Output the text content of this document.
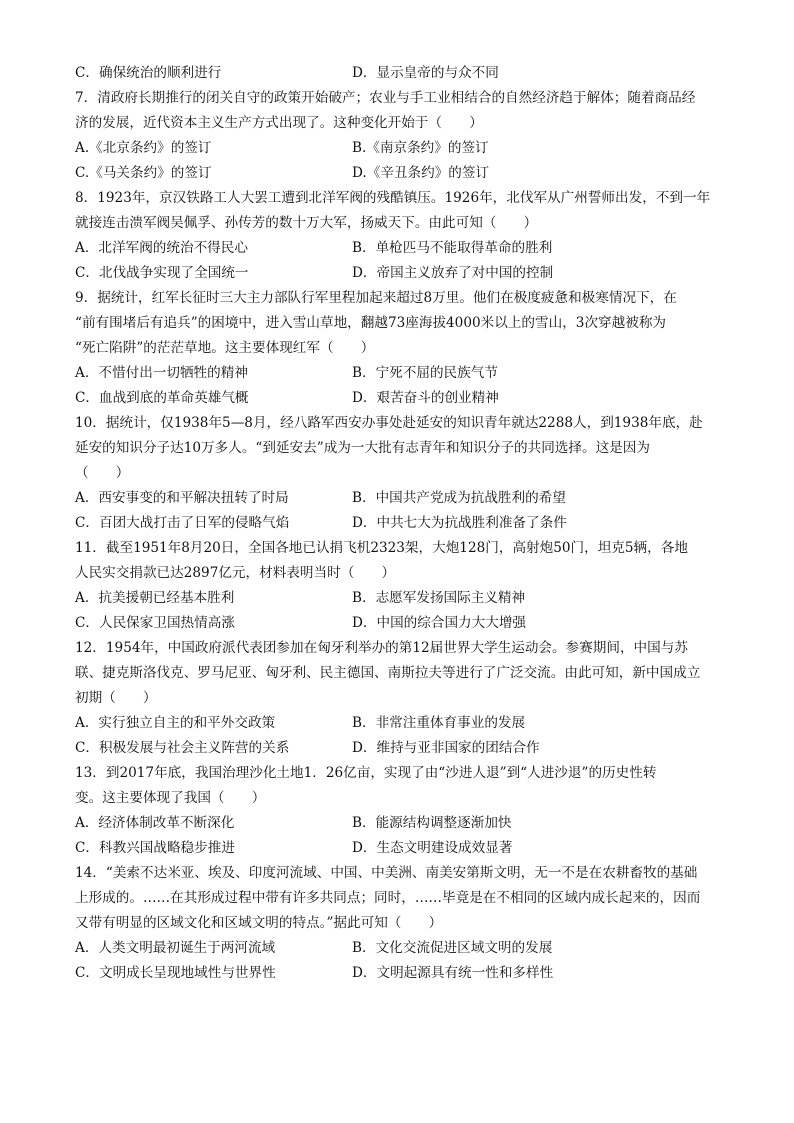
C．确保统治的顺利进行	D．显示皇帝的与众不同
7．清政府长期推行的闭关自守的政策开始破产；农业与手工业相结合的自然经济趋于解体；随着商品经
济的发展，近代资本主义生产方式出现了。这种变化开始于（　　）
A.《北京条约》的签订	B.《南京条约》的签订
C.《马关条约》的签订	D.《辛丑条约》的签订
8．1923年，京汉铁路工人大罢工遭到北洋军阀的残酷镇压。1926年，北伐军从广州誓师出发，不到一年
就接连击溃军阀吴佩孚、孙传芳的数十万大军，扬威天下。由此可知（　　）
A．北洋军阀的统治不得民心	B．单枪匹马不能取得革命的胜利
C．北伐战争实现了全国统一	D．帝国主义放弃了对中国的控制
9．据统计，红军长征时三大主力部队行军里程加起来超过8万里。他们在极度疲惫和极寒情况下，在
“前有围堵后有追兵”的困境中，进入雪山草地，翻越73座海拔4000米以上的雪山，3次穿越被称为
“死亡陷阱”的茫茫草地。这主要体现红军（　　）
A．不惜付出一切牺牲的精神	B．宁死不屈的民族气节
C．血战到底的革命英雄气概	D．艰苦奋斗的创业精神
10．据统计，仅1938年5—8月，经八路军西安办事处赴延安的知识青年就达2288人，到1938年底，赴
延安的知识分子达10万多人。“到延安去”成为一大批有志青年和知识分子的共同选择。这是因为
（　　）
A．西安事变的和平解决扭转了时局	B．中国共产党成为抗战胜利的希望
C．百团大战打击了日军的侵略气焰	D．中共七大为抗战胜利准备了条件
11．截至1951年8月20日，全国各地已认捐飞机2323架，大炮128门，高射炮50门，坦克5辆，各地
人民实交捐款已达2897亿元，材料表明当时（　　）
A．抗美援朝已经基本胜利	B．志愿军发扬国际主义精神
C．人民保家卫国热情高涨	D．中国的综合国力大大增强
12．1954年，中国政府派代表团参加在匈牙利举办的第12届世界大学生运动会。参赛期间，中国与苏
联、捷克斯洛伐克、罗马尼亚、匈牙利、民主德国、南斯拉夫等进行了广泛交流。由此可知，新中国成立
初期（　　）
A．实行独立自主的和平外交政策	B．非常注重体育事业的发展
C．积极发展与社会主义阵营的关系	D．维持与亚非国家的团结合作
13．到2017年底，我国治理沙化土地1．26亿亩，实现了由“沙进人退”到“人进沙退”的历史性转
变。这主要体现了我国（　　）
A．经济体制改革不断深化	B．能源结构调整逐渐加快
C．科教兴国战略稳步推进	D．生态文明建设成效显著
14．“美索不达米亚、埃及、印度河流域、中国、中美洲、南美安第斯文明，无一不是在农耕畜牧的基础
上形成的。……在其形成过程中带有许多共同点；同时，……毕竟是在不相同的区域内成长起来的，因而
又带有明显的区域文化和区域文明的特点。”据此可知（　　）
A．人类文明最初诞生于两河流域	B．文化交流促进区域文明的发展
C．文明成长呈现地域性与世界性	D．文明起源具有统一性和多样性
